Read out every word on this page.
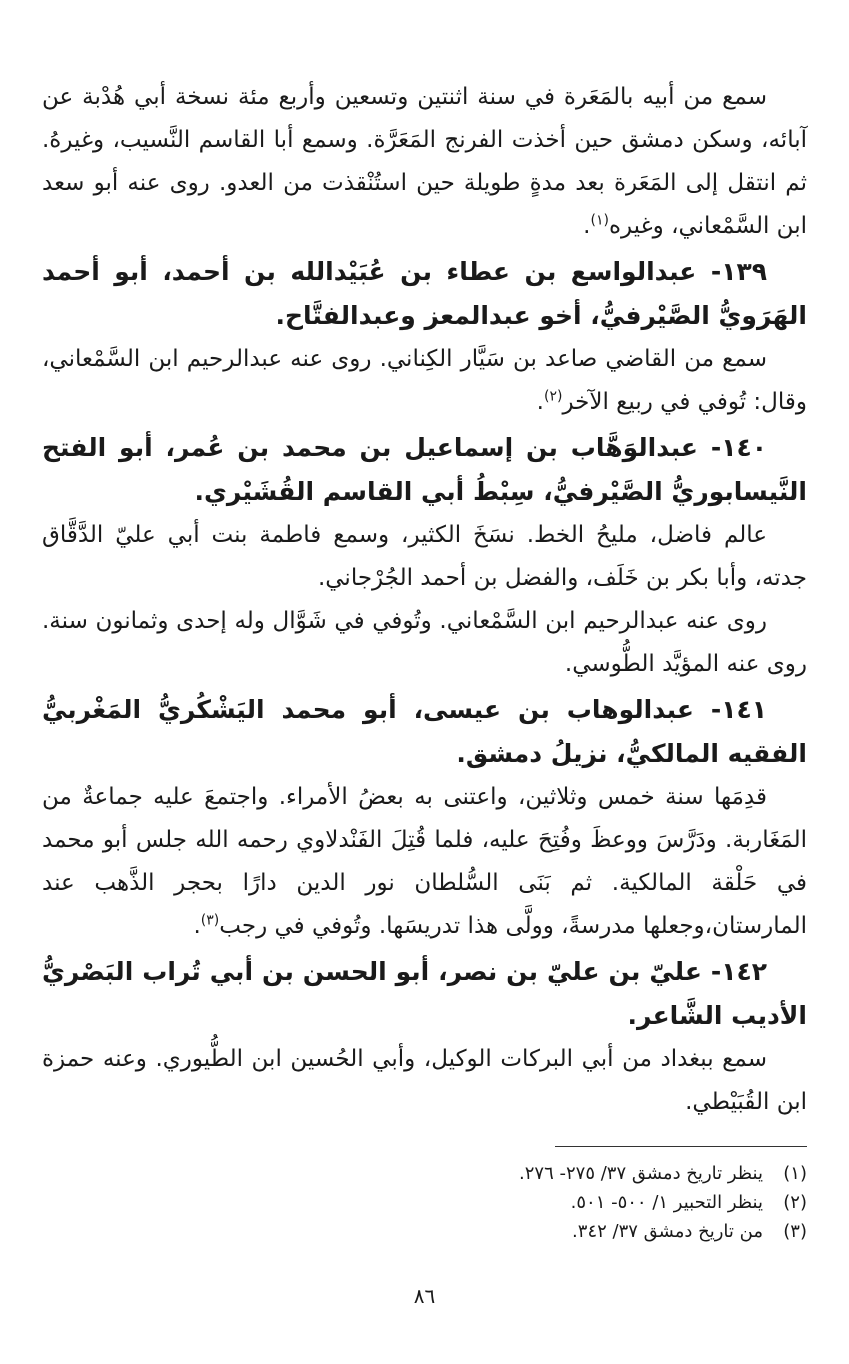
سمع من أبيه بالمَعَرة في سنة اثنتين وتسعين وأربع مئة نسخة أبي هُدْبة عن آبائه، وسكن دمشق حين أخذت الفرنج المَعَرَّة. وسمع أبا القاسم النَّسيب، وغيرهُ. ثم انتقل إلى المَعَرة بعد مدةٍ طويلة حين استُنْقذت من العدو. روى عنه أبو سعد ابن السَّمْعاني، وغيره$^{(١)}$.

١٣٩- عبدالواسع بن عطاء بن عُبَيْدالله بن أحمد، أبو أحمد الهَرَويُّ الصَّيْرفيُّ، أخو عبدالمعز وعبدالفتَّاح.

سمع من القاضي صاعد بن سَيَّار الكِناني. روى عنه عبدالرحيم ابن السَّمْعاني، وقال: تُوفي في ربيع الآخر$^{(٢)}$.

١٤٠- عبدالوَهَّاب بن إسماعيل بن محمد بن عُمر، أبو الفتح النَّيسابوريُّ الصَّيْرفيُّ، سِبْطُ أبي القاسم القُشَيْري.

عالم فاضل، مليحُ الخط. نسَخَ الكثير، وسمع فاطمة بنت أبي عليّ الدَّقَّاق جدته، وأبا بكر بن خَلَف، والفضل بن أحمد الجُرْجاني.

روى عنه عبدالرحيم ابن السَّمْعاني. وتُوفي في شَوَّال وله إحدى وثمانون سنة. روى عنه المؤيَّد الطُّوسي.

١٤١- عبدالوهاب بن عيسى، أبو محمد اليَشْكُريُّ المَغْربيُّ الفقيه المالكيُّ، نزيلُ دمشق.

قدِمَها سنة خمس وثلاثين، واعتنى به بعضُ الأمراء. واجتمعَ عليه جماعةٌ من المَغَاربة. ودَرَّسَ ووعظَ وفُتِحَ عليه، فلما قُتِلَ الفَنْدلاوي رحمه الله جلس أبو محمد في حَلْقة المالكية. ثم بَنَى السُّلطان نور الدين دارًا بحجر الذَّهب عند المارستان،وجعلها مدرسةً، وولَّى هذا تدريسَها. وتُوفي في رجب$^{(٣)}$.

١٤٢- عليّ بن عليّ بن نصر، أبو الحسن بن أبي تُراب البَصْريُّ الأديب الشَّاعر.

سمع ببغداد من أبي البركات الوكيل، وأبي الحُسين ابن الطُّيوري. وعنه حمزة ابن القُبَيْطي.

(١)
ينظر تاريخ دمشق ٣٧/ ٢٧٥- ٢٧٦.
(٢)
ينظر التحبير ١/ ٥٠٠- ٥٠١.
(٣)
من تاريخ دمشق ٣٧/ ٣٤٢.
٨٦
